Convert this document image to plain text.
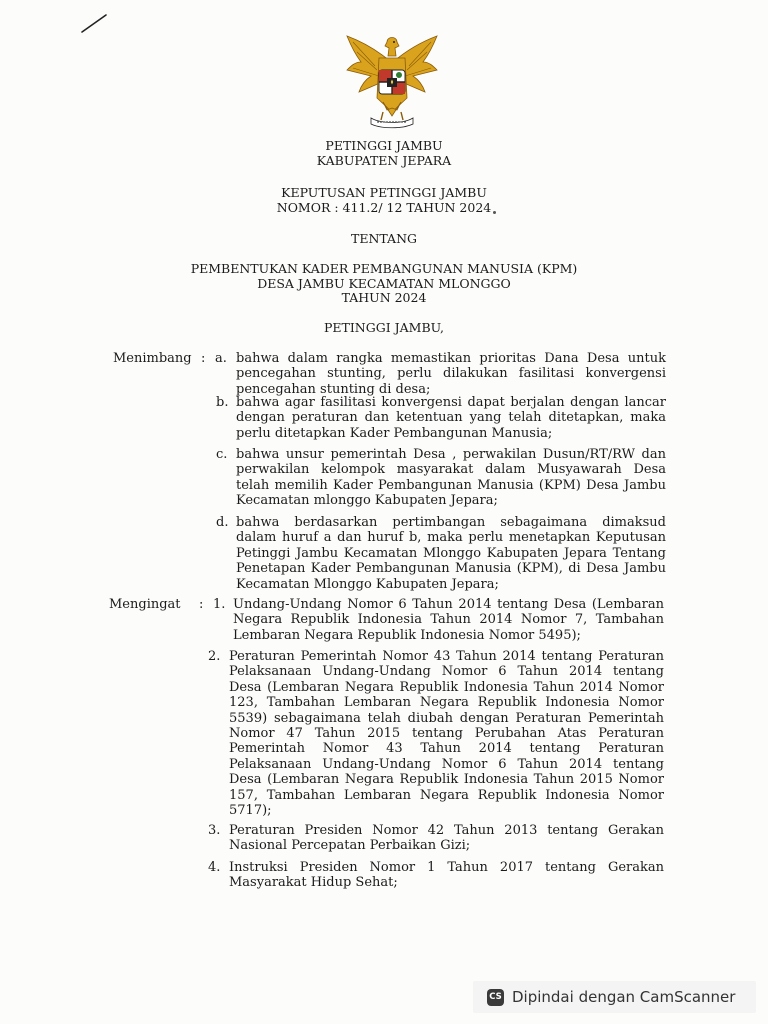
PETINGGI JAMBU
KABUPATEN JEPARA
KEPUTUSAN PETINGGI JAMBU
NOMOR : 411.2/ 12 TAHUN 2024
TENTANG
PEMBENTUKAN KADER PEMBANGUNAN MANUSIA (KPM)
DESA JAMBU KECAMATAN MLONGGO
TAHUN 2024
PETINGGI JAMBU,
Menimbang : a. bahwa dalam rangka memastikan prioritas Dana Desa untuk
pencegahan stunting, perlu dilakukan fasilitasi konvergensi
pencegahan stunting di desa;
b. bahwa agar fasilitasi konvergensi dapat berjalan dengan lancar
dengan peraturan dan ketentuan yang telah ditetapkan, maka
perlu ditetapkan Kader Pembangunan Manusia;
c. bahwa unsur pemerintah Desa , perwakilan Dusun/RT/RW dan
perwakilan kelompok masyarakat dalam Musyawarah Desa
telah memilih Kader Pembangunan Manusia (KPM) Desa Jambu
Kecamatan mlonggo Kabupaten Jepara;
d. bahwa berdasarkan pertimbangan sebagaimana dimaksud
dalam huruf a dan huruf b, maka perlu menetapkan Keputusan
Petinggi Jambu Kecamatan Mlonggo Kabupaten Jepara Tentang
Penetapan Kader Pembangunan Manusia (KPM), di Desa Jambu
Kecamatan Mlonggo Kabupaten Jepara;
Mengingat : 1. Undang-Undang Nomor 6 Tahun 2014 tentang Desa (Lembaran
Negara Republik Indonesia Tahun 2014 Nomor 7, Tambahan
Lembaran Negara Republik Indonesia Nomor 5495);
2. Peraturan Pemerintah Nomor 43 Tahun 2014 tentang Peraturan
Pelaksanaan Undang-Undang Nomor 6 Tahun 2014 tentang
Desa (Lembaran Negara Republik Indonesia Tahun 2014 Nomor
123, Tambahan Lembaran Negara Republik Indonesia Nomor
5539) sebagaimana telah diubah dengan Peraturan Pemerintah
Nomor 47 Tahun 2015 tentang Perubahan Atas Peraturan
Pemerintah Nomor 43 Tahun 2014 tentang Peraturan
Pelaksanaan Undang-Undang Nomor 6 Tahun 2014 tentang
Desa (Lembaran Negara Republik Indonesia Tahun 2015 Nomor
157, Tambahan Lembaran Negara Republik Indonesia Nomor
5717);
3. Peraturan Presiden Nomor 42 Tahun 2013 tentang Gerakan
Nasional Percepatan Perbaikan Gizi;
4. Instruksi Presiden Nomor 1 Tahun 2017 tentang Gerakan
Masyarakat Hidup Sehat;
CS Dipindai dengan CamScanner
